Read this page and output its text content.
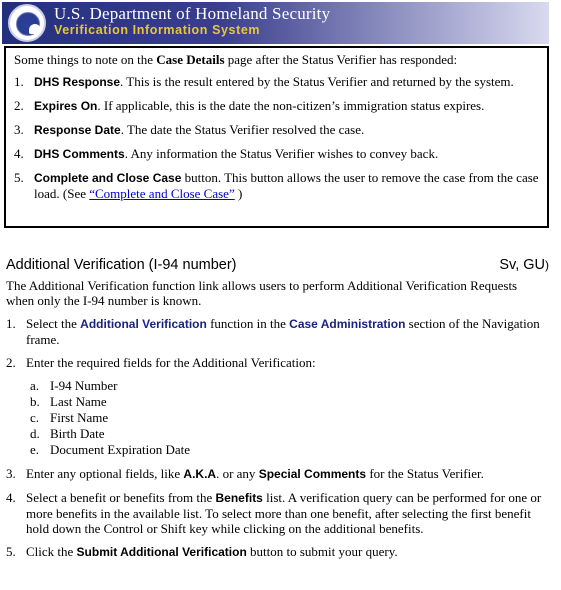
U.S. Department of Homeland Security
Verification Information System

Some things to note on the Case Details page after the Status Verifier has responded:

1. DHS Response. This is the result entered by the Status Verifier and returned by the system.
2. Expires On. If applicable, this is the date the non-citizen’s immigration status expires.
3. Response Date. The date the Status Verifier resolved the case.
4. DHS Comments. Any information the Status Verifier wishes to convey back.
5. Complete and Close Case button. This button allows the user to remove the case from the case load. (See “Complete and Close Case” )
Additional Verification (I-94 number)	Sv, GU)
The Additional Verification function link allows users to perform Additional Verification Requests when only the I-94 number is known.
1. Select the Additional Verification function in the Case Administration section of the Navigation frame.
2. Enter the required fields for the Additional Verification:
a. I-94 Number
b. Last Name
c. First Name
d. Birth Date
e. Document Expiration Date
3. Enter any optional fields, like A.K.A. or any Special Comments for the Status Verifier.
4. Select a benefit or benefits from the Benefits list. A verification query can be performed for one or more benefits in the available list. To select more than one benefit, after selecting the first benefit hold down the Control or Shift key while clicking on the additional benefits.
5. Click the Submit Additional Verification button to submit your query.
